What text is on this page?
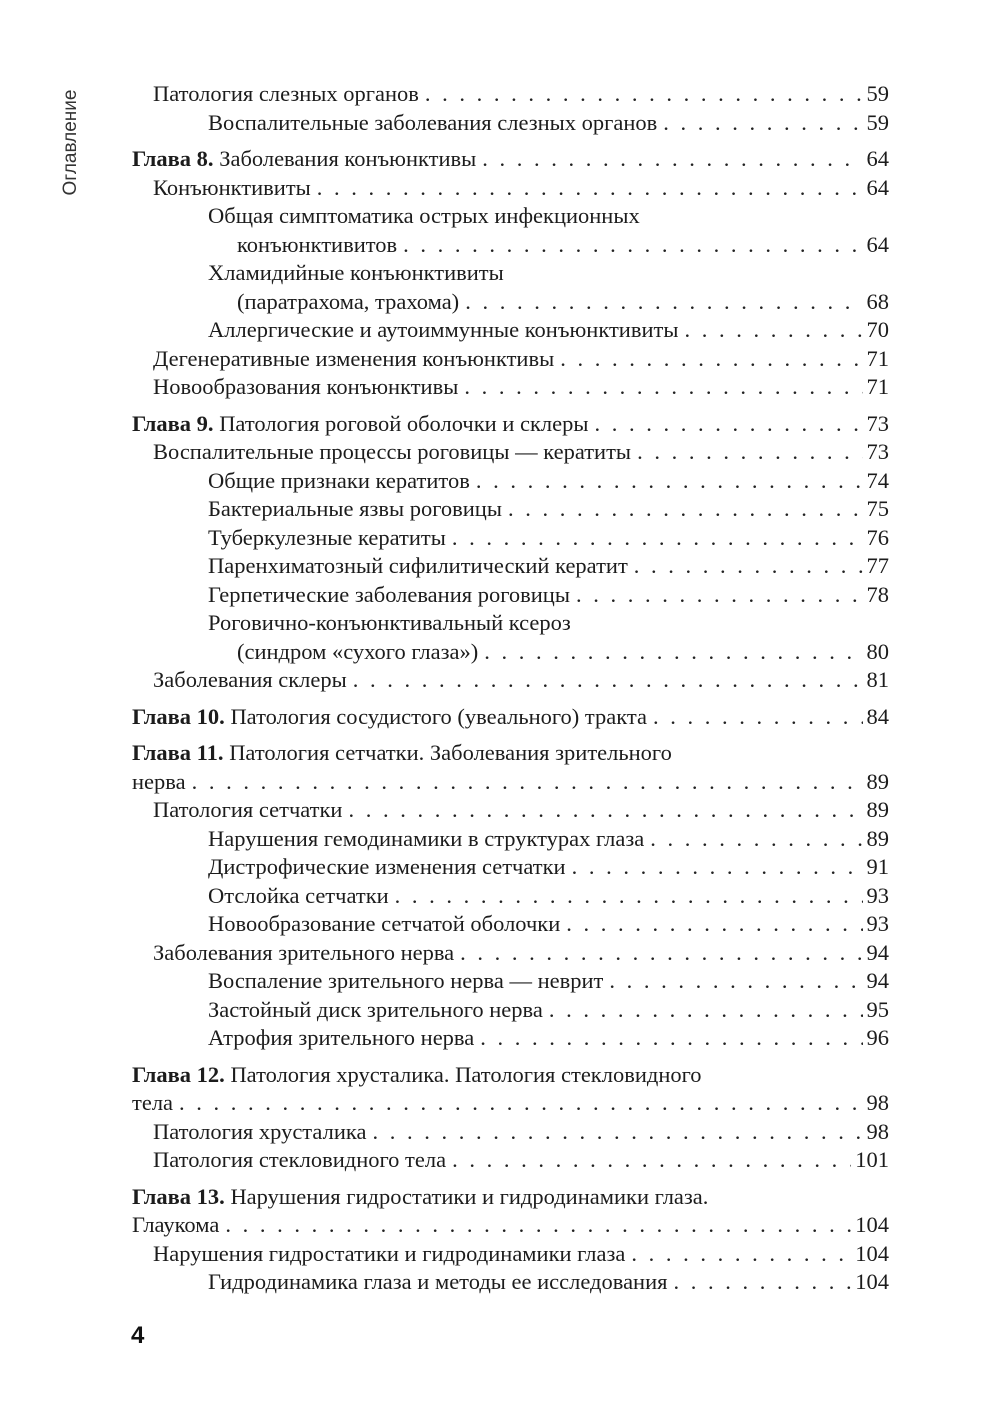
Оглавление	Патология слезных органов . . .	59
Воспалительные заболевания слезных органов . . .	59
Глава 8. Заболевания конъюнктивы . . .	64
Конъюнктивиты . . .	64
Общая симптоматика острых инфекционных
конъюнктивитов . . .	64
Хламидийные конъюнктивиты
(паратрахома, трахома) . . .	68
Аллергические и аутоиммунные конъюнктивиты . . .	70
Дегенеративные изменения конъюнктивы . . .	71
Новообразования конъюнктивы . . .	71
Глава 9. Патология роговой оболочки и склеры . . .	73
Воспалительные процессы роговицы — кератиты . . .	73
Общие признаки кератитов . . .	74
Бактериальные язвы роговицы . . .	75
Туберкулезные кератиты . . .	76
Паренхиматозный сифилитический кератит . . .	77
Герпетические заболевания роговицы . . .	78
Роговично-конъюнктивальный ксероз
(синдром «сухого глаза») . . .	80
Заболевания склеры . . .	81
Глава 10. Патология сосудистого (увеального) тракта . . .	84
Глава 11. Патология сетчатки. Заболевания зрительного
нерва . . .	89
Патология сетчатки . . .	89
Нарушения гемодинамики в структурах глаза . . .	89
Дистрофические изменения сетчатки . . .	91
Отслойка сетчатки . . .	93
Новообразование сетчатой оболочки . . .	93
Заболевания зрительного нерва . . .	94
Воспаление зрительного нерва — неврит . . .	94
Застойный диск зрительного нерва . . .	95
Атрофия зрительного нерва . . .	96
Глава 12. Патология хрусталика. Патология стекловидного
тела . . .	98
Патология хрусталика . . .	98
Патология стекловидного тела . . .	101
Глава 13. Нарушения гидростатики и гидродинамики глаза.
Глаукома . . .	104
Нарушения гидростатики и гидродинамики глаза . . .	104
Гидродинамика глаза и методы ее исследования . . .	104
4
